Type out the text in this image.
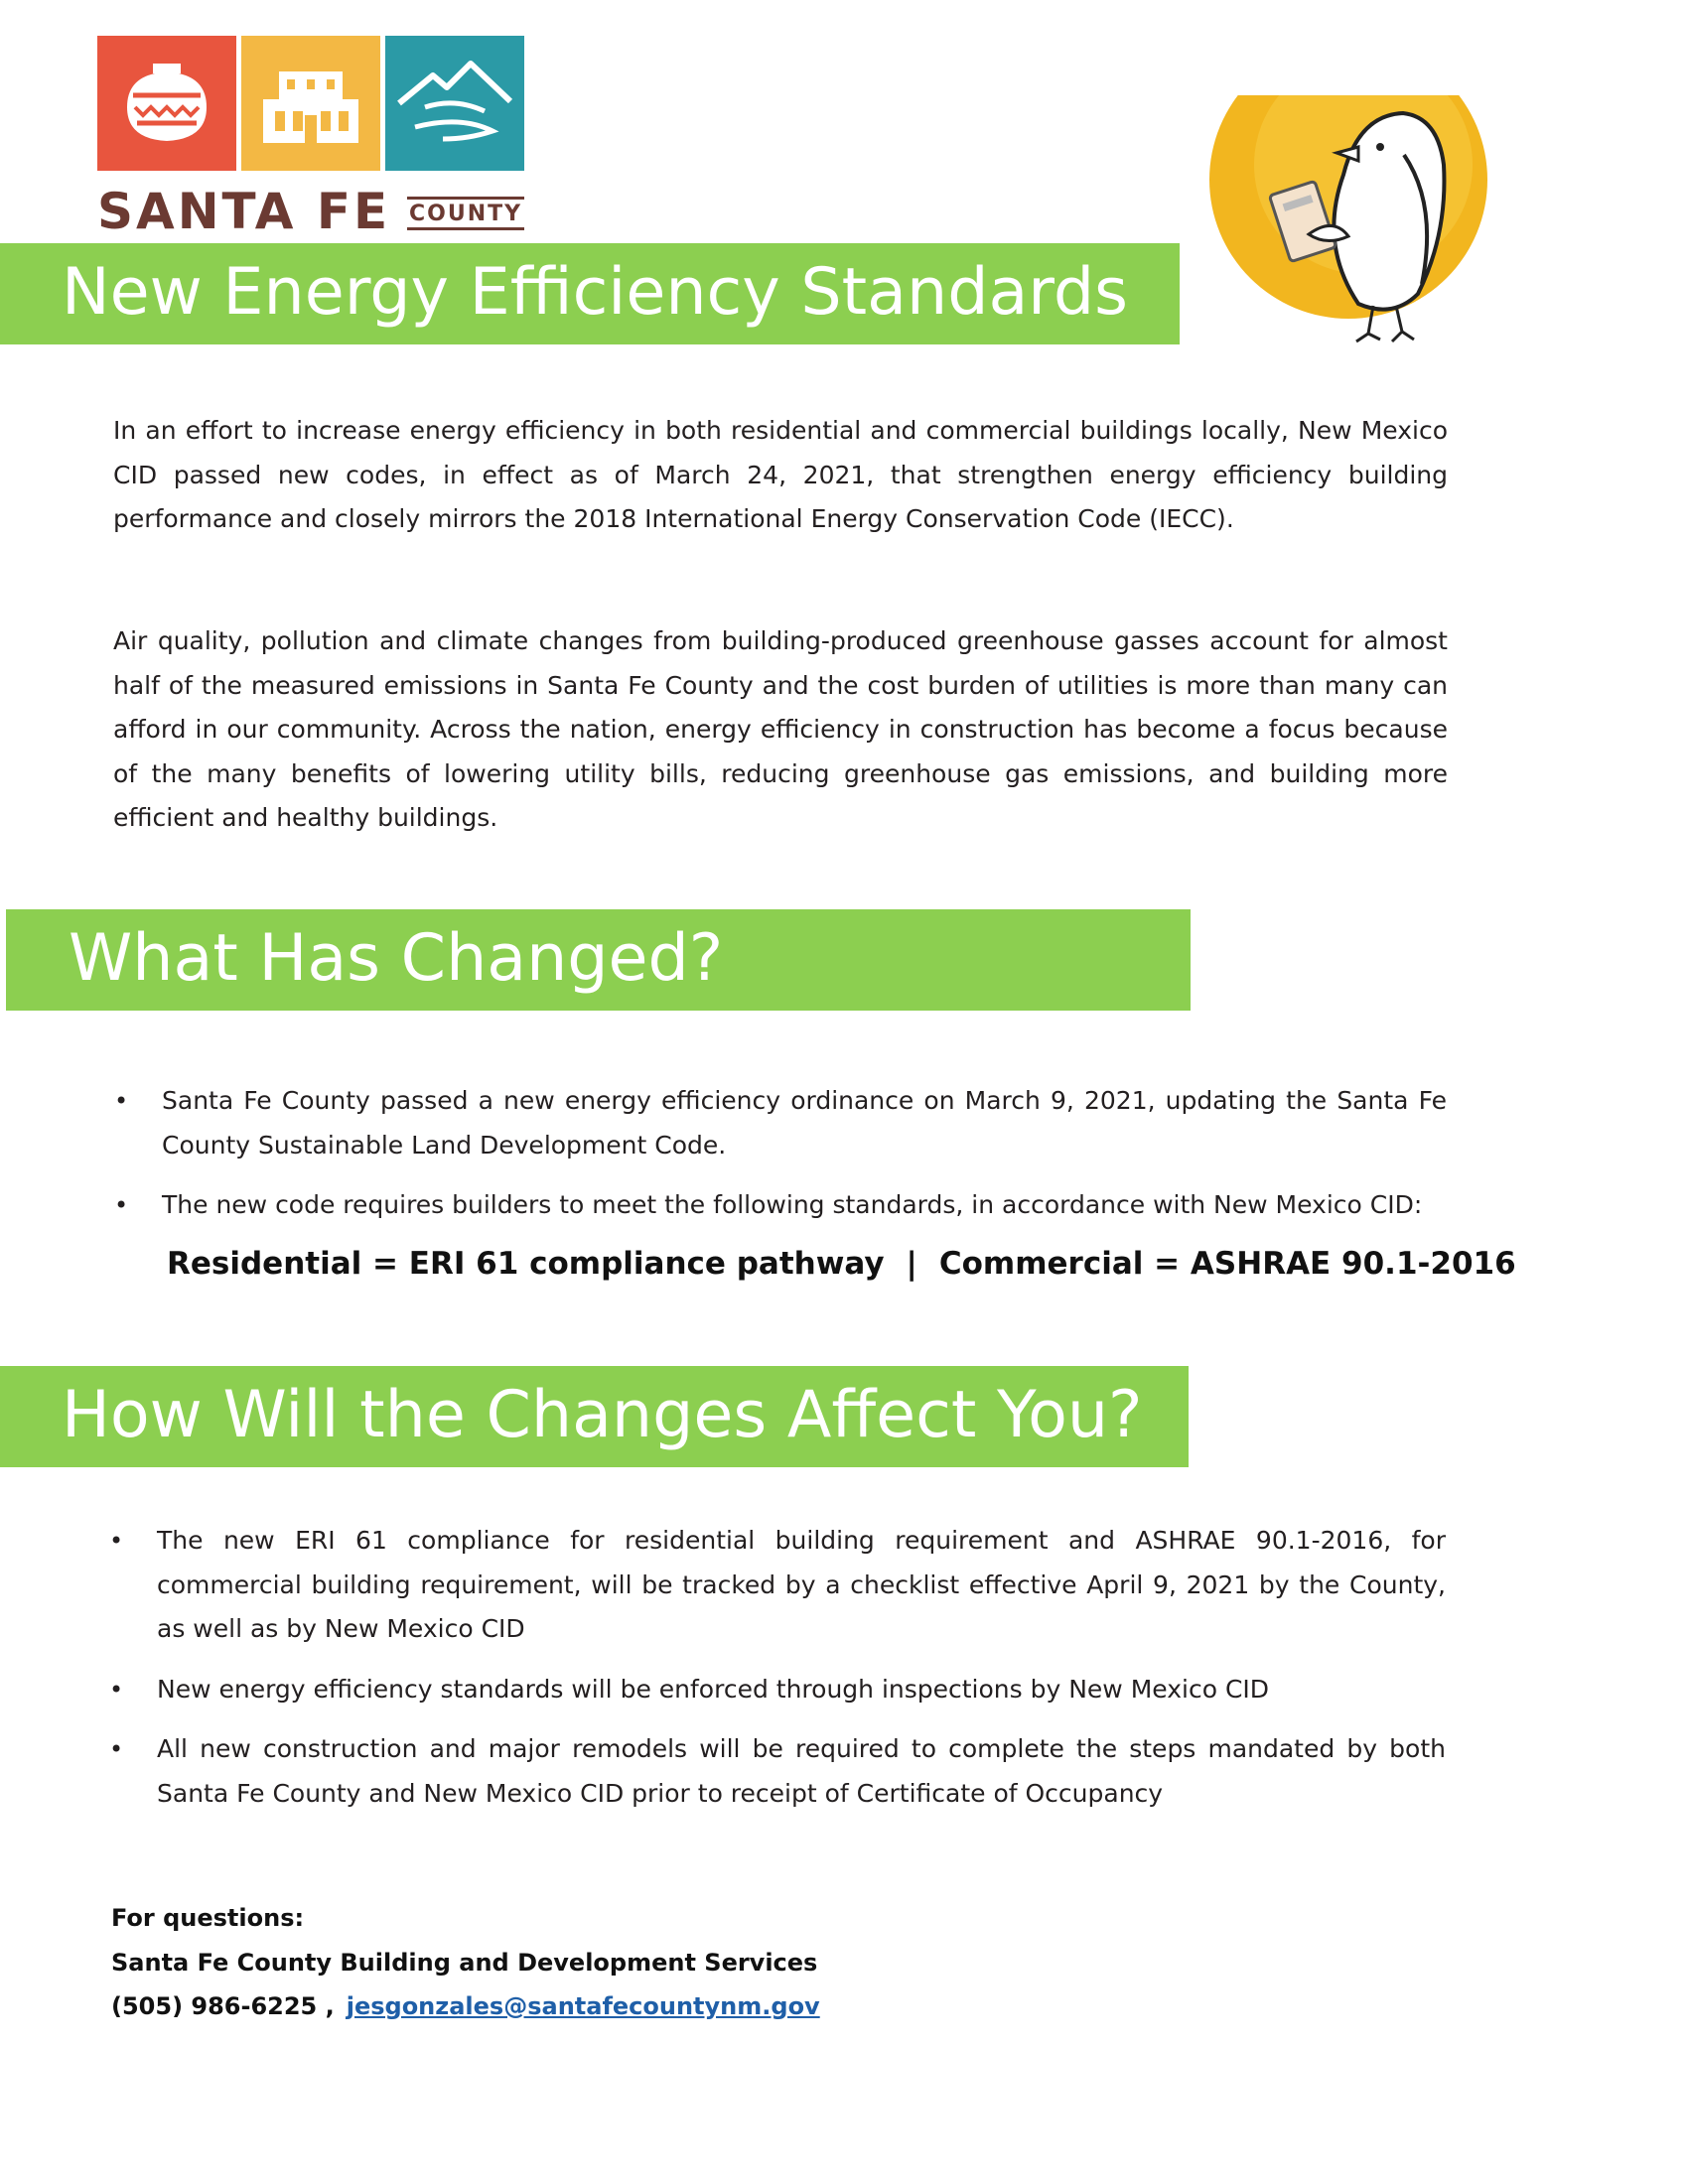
SANTA FE COUNTY
New Energy Efficiency Standards

In an effort to increase energy efficiency in both residential and commercial buildings locally, New Mexico CID passed new codes, in effect as of March 24, 2021, that strengthen energy efficiency building performance and closely mirrors the 2018 International Energy Conservation Code (IECC).

Air quality, pollution and climate changes from building-produced greenhouse gasses account for almost half of the measured emissions in Santa Fe County and the cost burden of utilities is more than many can afford in our community. Across the nation, energy efficiency in construction has become a focus because of the many benefits of lowering utility bills, reducing greenhouse gas emissions, and building more efficient and healthy buildings.

What Has Changed?
• Santa Fe County passed a new energy efficiency ordinance on March 9, 2021, updating the Santa Fe County Sustainable Land Development Code.
• The new code requires builders to meet the following standards, in accordance with New Mexico CID:
Residential = ERI 61 compliance pathway | Commercial = ASHRAE 90.1-2016
How Will the Changes Affect You?
• The new ERI 61 compliance for residential building requirement and ASHRAE 90.1-2016, for commercial building requirement, will be tracked by a checklist effective April 9, 2021 by the County, as well as by New Mexico CID
• New energy efficiency standards will be enforced through inspections by New Mexico CID
• All new construction and major remodels will be required to complete the steps mandated by both Santa Fe County and New Mexico CID prior to receipt of Certificate of Occupancy
For questions:
Santa Fe County Building and Development Services
(505) 986-6225 , jesgonzales@santafecountynm.gov
